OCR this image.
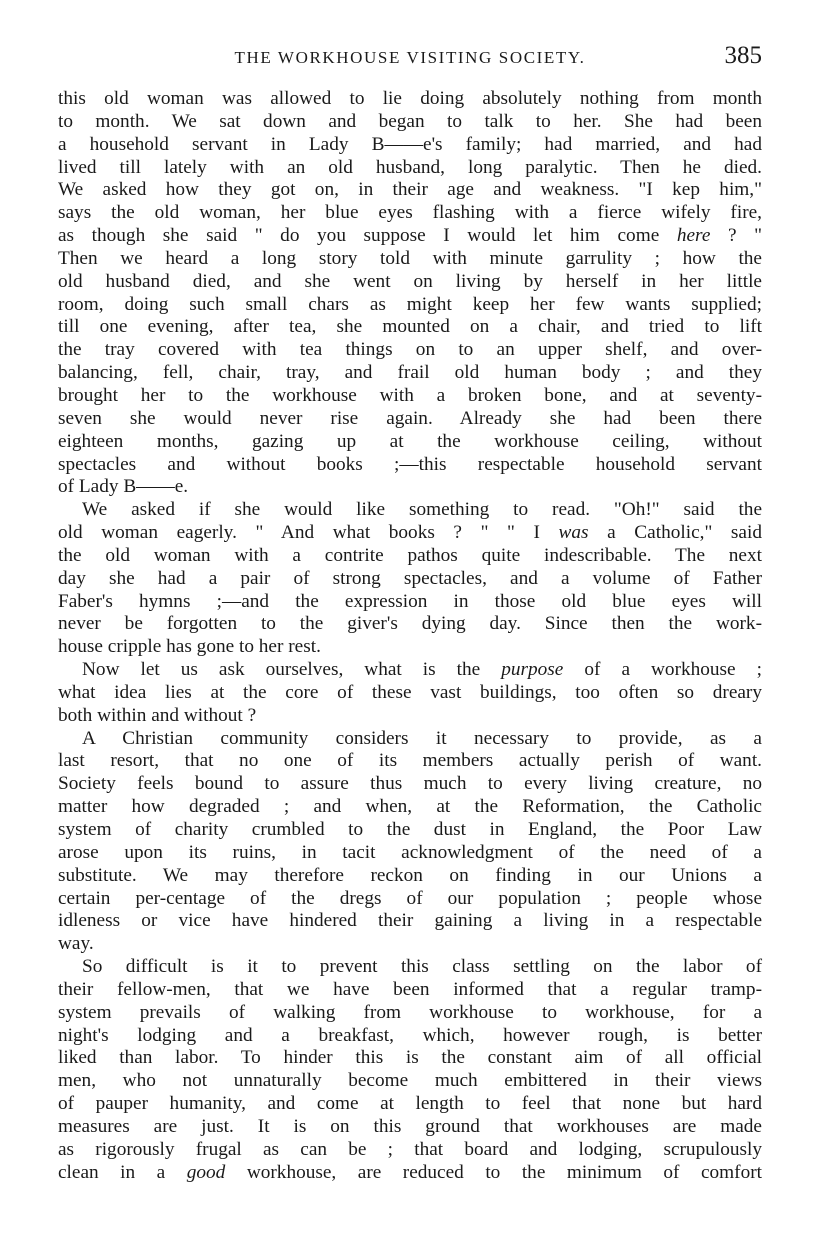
THE WORKHOUSE VISITING SOCIETY.	385
this old woman was allowed to lie doing absolutely nothing from month
to month. We sat down and began to talk to her. She had been
a household servant in Lady B——e's family; had married, and had
lived till lately with an old husband, long paralytic. Then he died.
We asked how they got on, in their age and weakness. "I kep him,"
says the old woman, her blue eyes flashing with a fierce wifely fire,
as though she said " do you suppose I would let him come here ? "
Then we heard a long story told with minute garrulity ; how the
old husband died, and she went on living by herself in her little
room, doing such small chars as might keep her few wants supplied;
till one evening, after tea, she mounted on a chair, and tried to lift
the tray covered with tea things on to an upper shelf, and over-
balancing, fell, chair, tray, and frail old human body ; and they
brought her to the workhouse with a broken bone, and at seventy-
seven she would never rise again. Already she had been there
eighteen months, gazing up at the workhouse ceiling, without
spectacles and without books ;—this respectable household servant
of Lady B——e.
We asked if she would like something to read. "Oh!" said the
old woman eagerly. " And what books ? " " I was a Catholic," said
the old woman with a contrite pathos quite indescribable. The next
day she had a pair of strong spectacles, and a volume of Father
Faber's hymns ;—and the expression in those old blue eyes will
never be forgotten to the giver's dying day. Since then the work-
house cripple has gone to her rest.
Now let us ask ourselves, what is the purpose of a workhouse ;
what idea lies at the core of these vast buildings, too often so dreary
both within and without ?
A Christian community considers it necessary to provide, as a
last resort, that no one of its members actually perish of want.
Society feels bound to assure thus much to every living creature, no
matter how degraded ; and when, at the Reformation, the Catholic
system of charity crumbled to the dust in England, the Poor Law
arose upon its ruins, in tacit acknowledgment of the need of a
substitute. We may therefore reckon on finding in our Unions a
certain per-centage of the dregs of our population ; people whose
idleness or vice have hindered their gaining a living in a respectable
way.
So difficult is it to prevent this class settling on the labor of
their fellow-men, that we have been informed that a regular tramp-
system prevails of walking from workhouse to workhouse, for a
night's lodging and a breakfast, which, however rough, is better
liked than labor. To hinder this is the constant aim of all official
men, who not unnaturally become much embittered in their views
of pauper humanity, and come at length to feel that none but hard
measures are just. It is on this ground that workhouses are made
as rigorously frugal as can be ; that board and lodging, scrupulously
clean in a good workhouse, are reduced to the minimum of comfort
